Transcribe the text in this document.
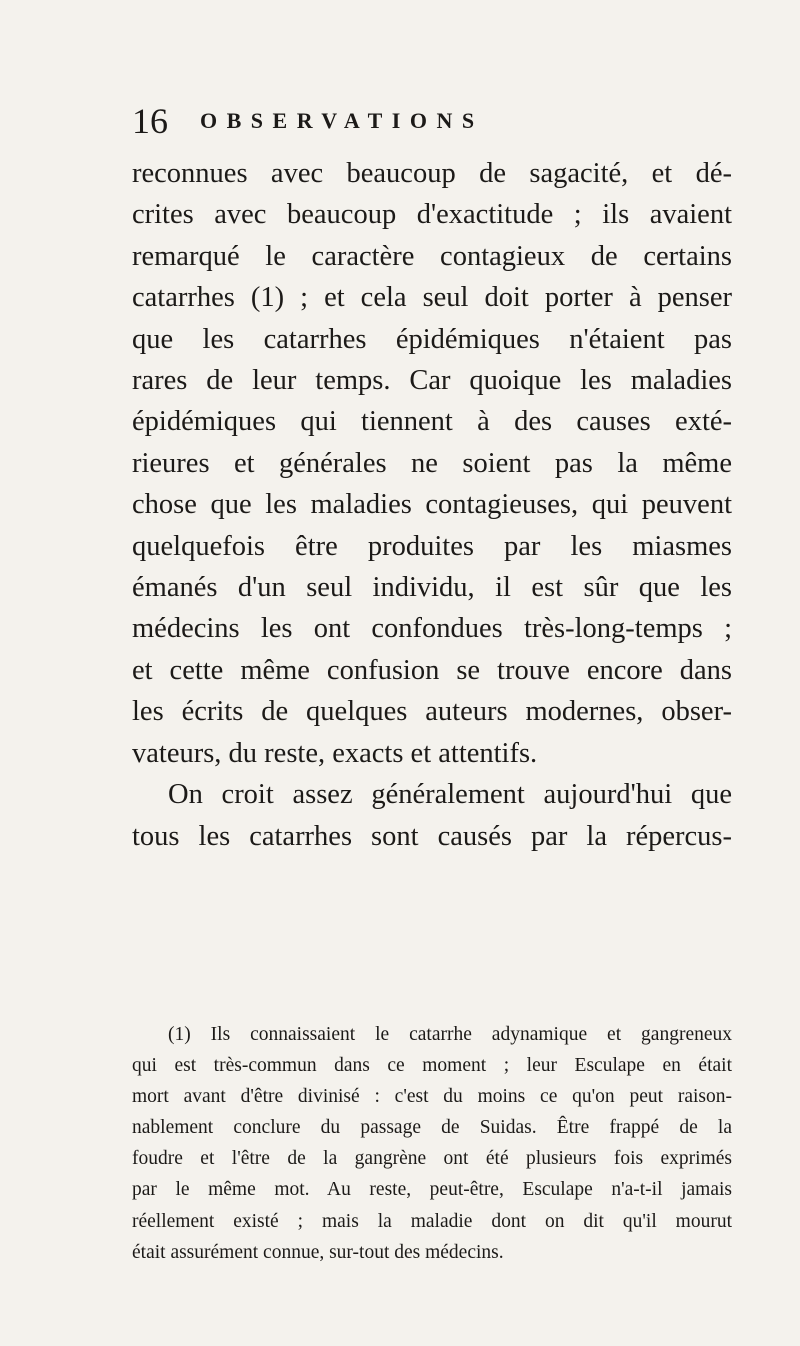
16 OBSERVATIONS
reconnues avec beaucoup de sagacité, et dé-
crites avec beaucoup d'exactitude ; ils avaient
remarqué le caractère contagieux de certains
catarrhes (1) ; et cela seul doit porter à penser
que les catarrhes épidémiques n'étaient pas
rares de leur temps. Car quoique les maladies
épidémiques qui tiennent à des causes exté-
rieures et générales ne soient pas la même
chose que les maladies contagieuses, qui peuvent
quelquefois être produites par les miasmes
émanés d'un seul individu, il est sûr que les
médecins les ont confondues très-long-temps ;
et cette même confusion se trouve encore dans
les écrits de quelques auteurs modernes, obser-
vateurs, du reste, exacts et attentifs.
On croit assez généralement aujourd'hui que
tous les catarrhes sont causés par la répercus-
(1) Ils connaissaient le catarrhe adynamique et gangreneux
qui est très-commun dans ce moment ; leur Esculape en était
mort avant d'être divinisé : c'est du moins ce qu'on peut raison-
nablement conclure du passage de Suidas. Être frappé de la
foudre et l'être de la gangrène ont été plusieurs fois exprimés
par le même mot. Au reste, peut-être, Esculape n'a-t-il jamais
réellement existé ; mais la maladie dont on dit qu'il mourut
était assurément connue, sur-tout des médecins.
